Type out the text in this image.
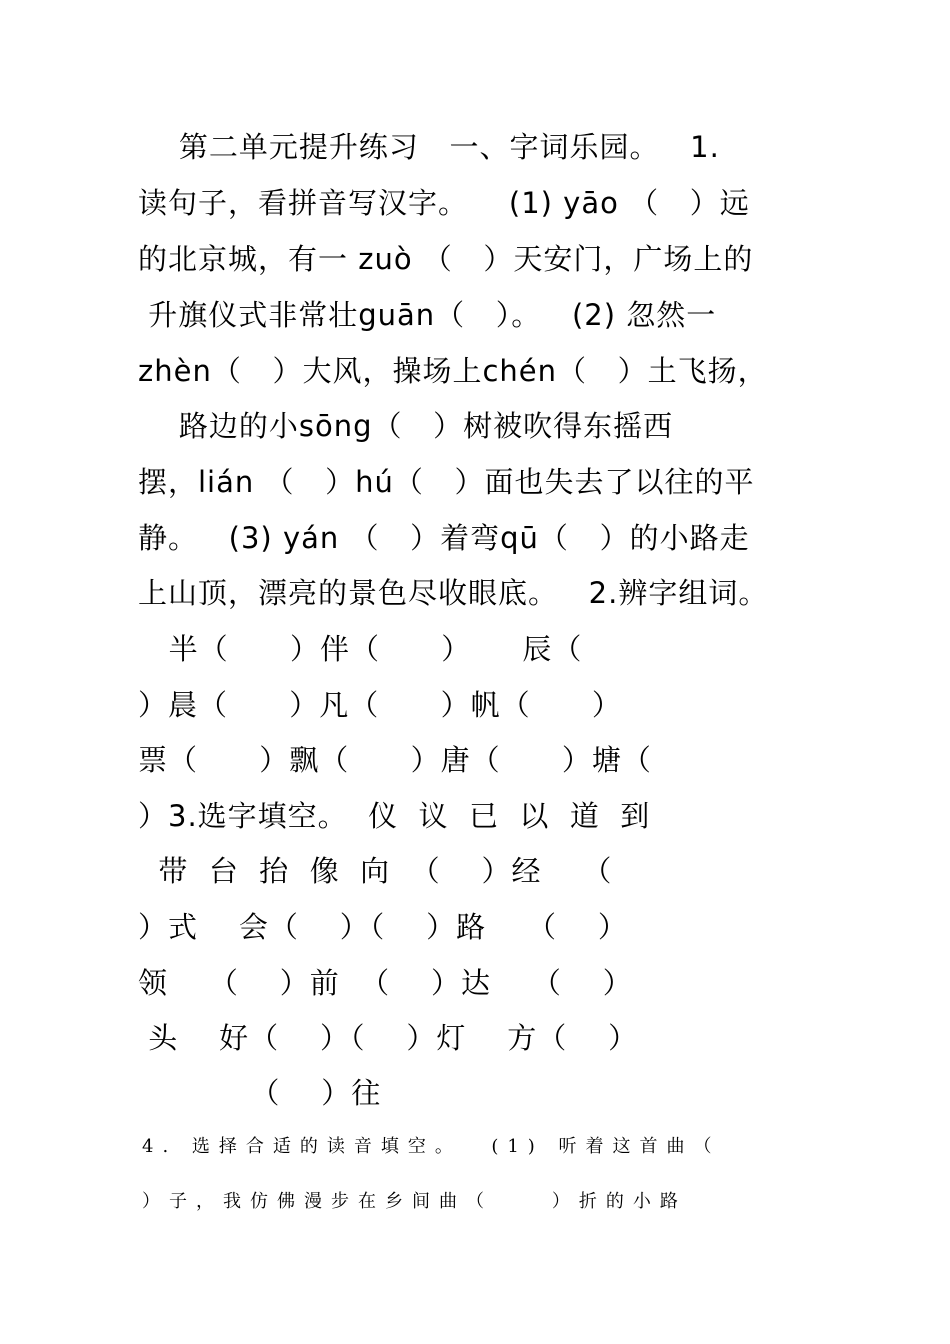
第二单元提升练习   一、字词乐园。   1.
读句子，看拼音写汉字。    (1) yāo （   ）远
的北京城，有一 zuò （   ）天安门，广场上的
升旗仪式非常壮guān（   ）。   (2) 忽然一
zhèn（   ）大风，操场上chén（   ）土飞扬，
路边的小sōng（   ）树被吹得东摇西
摆，lián （   ）hú（   ）面也失去了以往的平
静。   (3) yán （   ）着弯qū（   ）的小路走
上山顶，漂亮的景色尽收眼底。   2.辨字组词。
半（      ）伴（      ）     辰（
）晨（      ）凡（      ）帆（      ）
票（      ）飘（      ）唐（      ）塘（
）3.选字填空。  仪  议  已  以  道  到
带  台  抬  像  向  （    ）经    （
）式    会（    ）（    ）路    （    ）
领    （    ）前  （    ）达    （    ）
头    好（    ）（    ）灯    方（    ）
（    ）往
4. 选择合适的读音填空。  (1) 听着这首曲（
）子，我仿佛漫步在乡间曲（    ）折的小路
